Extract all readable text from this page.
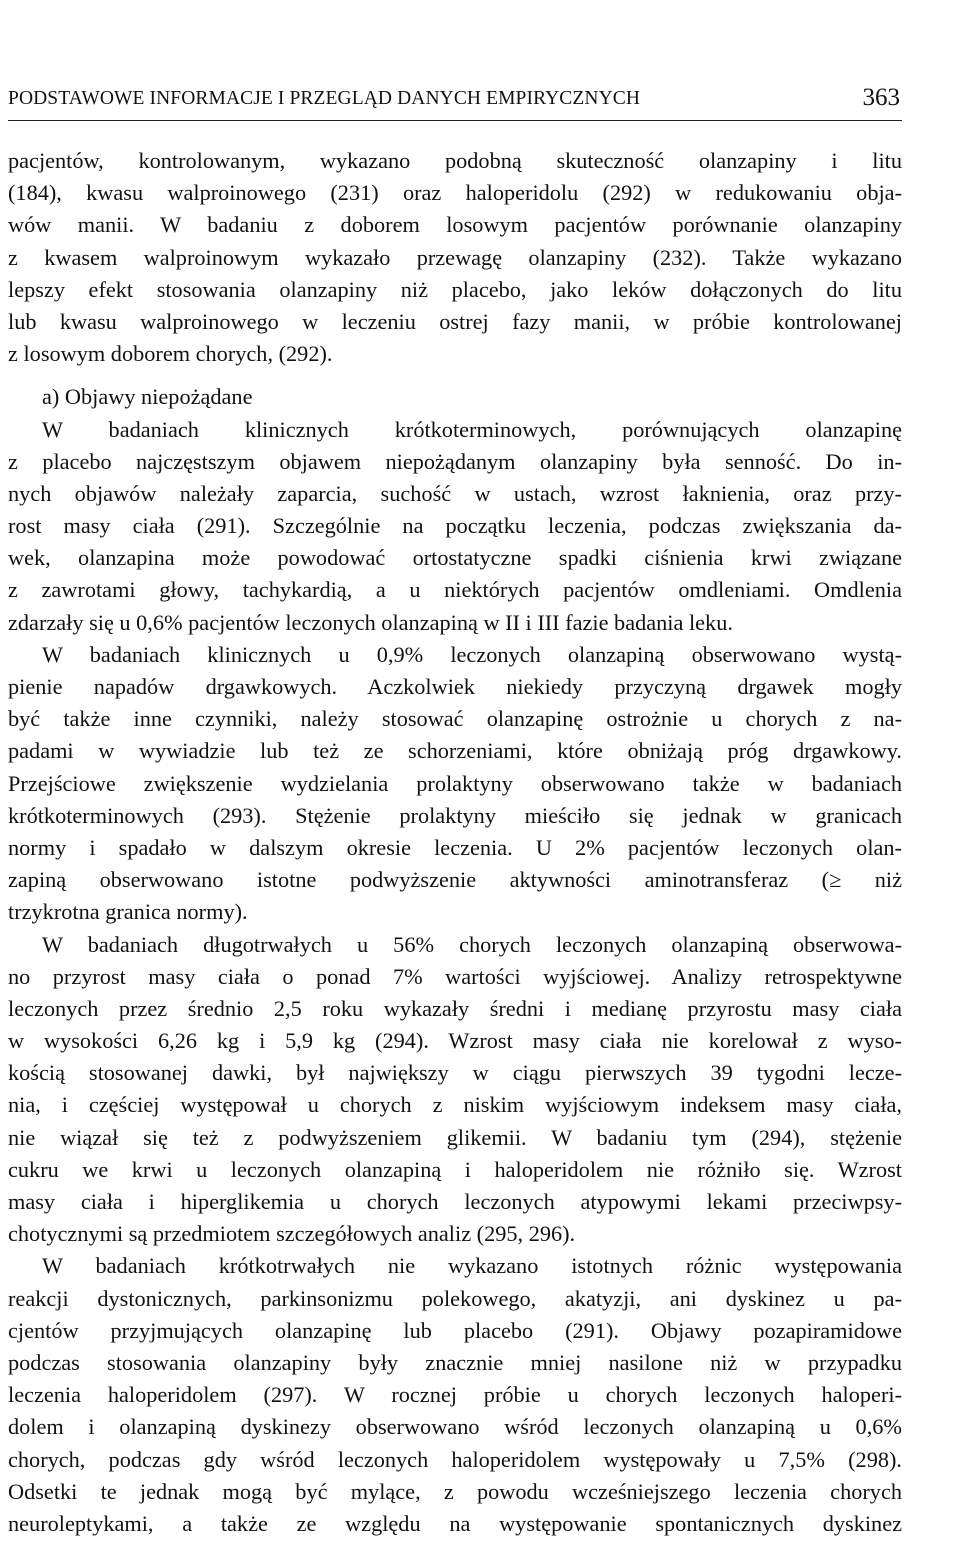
PODSTAWOWE INFORMACJE I PRZEGLĄD DANYCH EMPIRYCZNYCH	363
pacjentów, kontrolowanym, wykazano podobną skuteczność olanzapiny i litu
(184), kwasu walproinowego (231) oraz haloperidolu (292) w redukowaniu obja-
wów manii. W badaniu z doborem losowym pacjentów porównanie olanzapiny
z kwasem walproinowym wykazało przewagę olanzapiny (232). Także wykazano
lepszy efekt stosowania olanzapiny niż placebo, jako leków dołączonych do litu
lub kwasu walproinowego w leczeniu ostrej fazy manii, w próbie kontrolowanej
z losowym doborem chorych, (292).
a) Objawy niepożądane
W badaniach klinicznych krótkoterminowych, porównujących olanzapinę
z placebo najczęstszym objawem niepożądanym olanzapiny była senność. Do in-
nych objawów należały zaparcia, suchość w ustach, wzrost łaknienia, oraz przy-
rost masy ciała (291). Szczególnie na początku leczenia, podczas zwiększania da-
wek, olanzapina może powodować ortostatyczne spadki ciśnienia krwi związane
z zawrotami głowy, tachykardią, a u niektórych pacjentów omdleniami. Omdlenia
zdarzały się u 0,6% pacjentów leczonych olanzapiną w II i III fazie badania leku.
W badaniach klinicznych u 0,9% leczonych olanzapiną obserwowano wystą-
pienie napadów drgawkowych. Aczkolwiek niekiedy przyczyną drgawek mogły
być także inne czynniki, należy stosować olanzapinę ostrożnie u chorych z na-
padami w wywiadzie lub też ze schorzeniami, które obniżają próg drgawkowy.
Przejściowe zwiększenie wydzielania prolaktyny obserwowano także w badaniach
krótkoterminowych (293). Stężenie prolaktyny mieściło się jednak w granicach
normy i spadało w dalszym okresie leczenia. U 2% pacjentów leczonych olan-
zapiną obserwowano istotne podwyższenie aktywności aminotransferaz (≥ niż
trzykrotna granica normy).
W badaniach długotrwałych u 56% chorych leczonych olanzapiną obserwowa-
no przyrost masy ciała o ponad 7% wartości wyjściowej. Analizy retrospektywne
leczonych przez średnio 2,5 roku wykazały średni i medianę przyrostu masy ciała
w wysokości 6,26 kg i 5,9 kg (294). Wzrost masy ciała nie korelował z wyso-
kością stosowanej dawki, był największy w ciągu pierwszych 39 tygodni lecze-
nia, i częściej występował u chorych z niskim wyjściowym indeksem masy ciała,
nie wiązał się też z podwyższeniem glikemii. W badaniu tym (294), stężenie
cukru we krwi u leczonych olanzapiną i haloperidolem nie różniło się. Wzrost
masy ciała i hiperglikemia u chorych leczonych atypowymi lekami przeciwpsy-
chotycznymi są przedmiotem szczegółowych analiz (295, 296).
W badaniach krótkotrwałych nie wykazano istotnych różnic występowania
reakcji dystonicznych, parkinsonizmu polekowego, akatyzji, ani dyskinez u pa-
cjentów przyjmujących olanzapinę lub placebo (291). Objawy pozapiramidowe
podczas stosowania olanzapiny były znacznie mniej nasilone niż w przypadku
leczenia haloperidolem (297). W rocznej próbie u chorych leczonych haloperi-
dolem i olanzapiną dyskinezy obserwowano wśród leczonych olanzapiną u 0,6%
chorych, podczas gdy wśród leczonych haloperidolem występowały u 7,5% (298).
Odsetki te jednak mogą być mylące, z powodu wcześniejszego leczenia chorych
neuroleptykami, a także ze względu na występowanie spontanicznych dyskinez
